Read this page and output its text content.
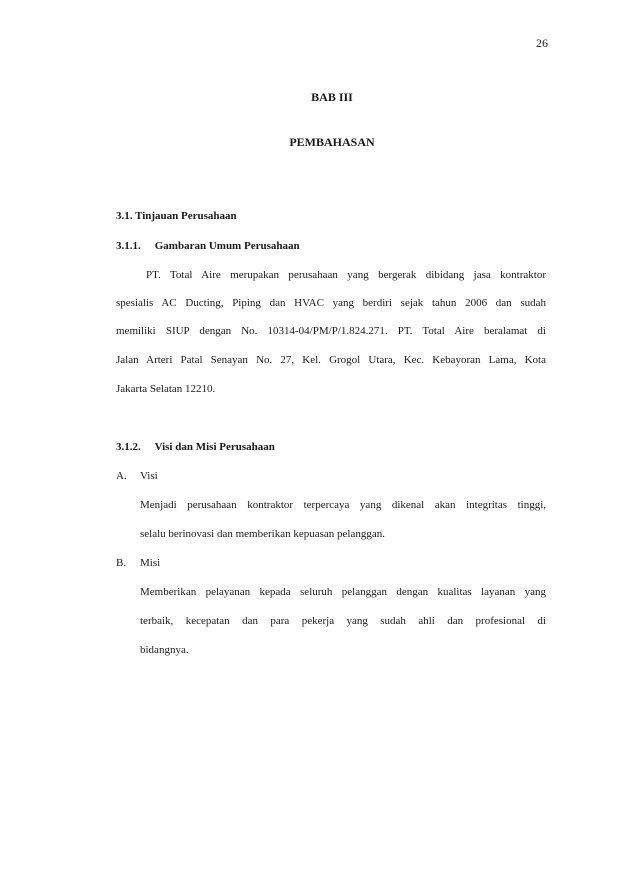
26
BAB III
PEMBAHASAN
3.1. Tinjauan Perusahaan
3.1.1. Gambaran Umum Perusahaan
PT. Total Aire merupakan perusahaan yang bergerak dibidang jasa kontraktor
spesialis AC Ducting, Piping dan HVAC yang berdiri sejak tahun 2006 dan sudah
memiliki SIUP dengan No. 10314-04/PM/P/1.824.271. PT. Total Aire beralamat di
Jalan Arteri Patal Senayan No. 27, Kel. Grogol Utara, Kec. Kebayoran Lama, Kota
Jakarta Selatan 12210.
3.1.2. Visi dan Misi Perusahaan
A. Visi
Menjadi perusahaan kontraktor terpercaya yang dikenal akan integritas tinggi,
selalu berinovasi dan memberikan kepuasan pelanggan.
B. Misi
Memberikan pelayanan kepada seluruh pelanggan dengan kualitas layanan yang
terbaik, kecepatan dan para pekerja yang sudah ahli dan profesional di
bidangnya.
